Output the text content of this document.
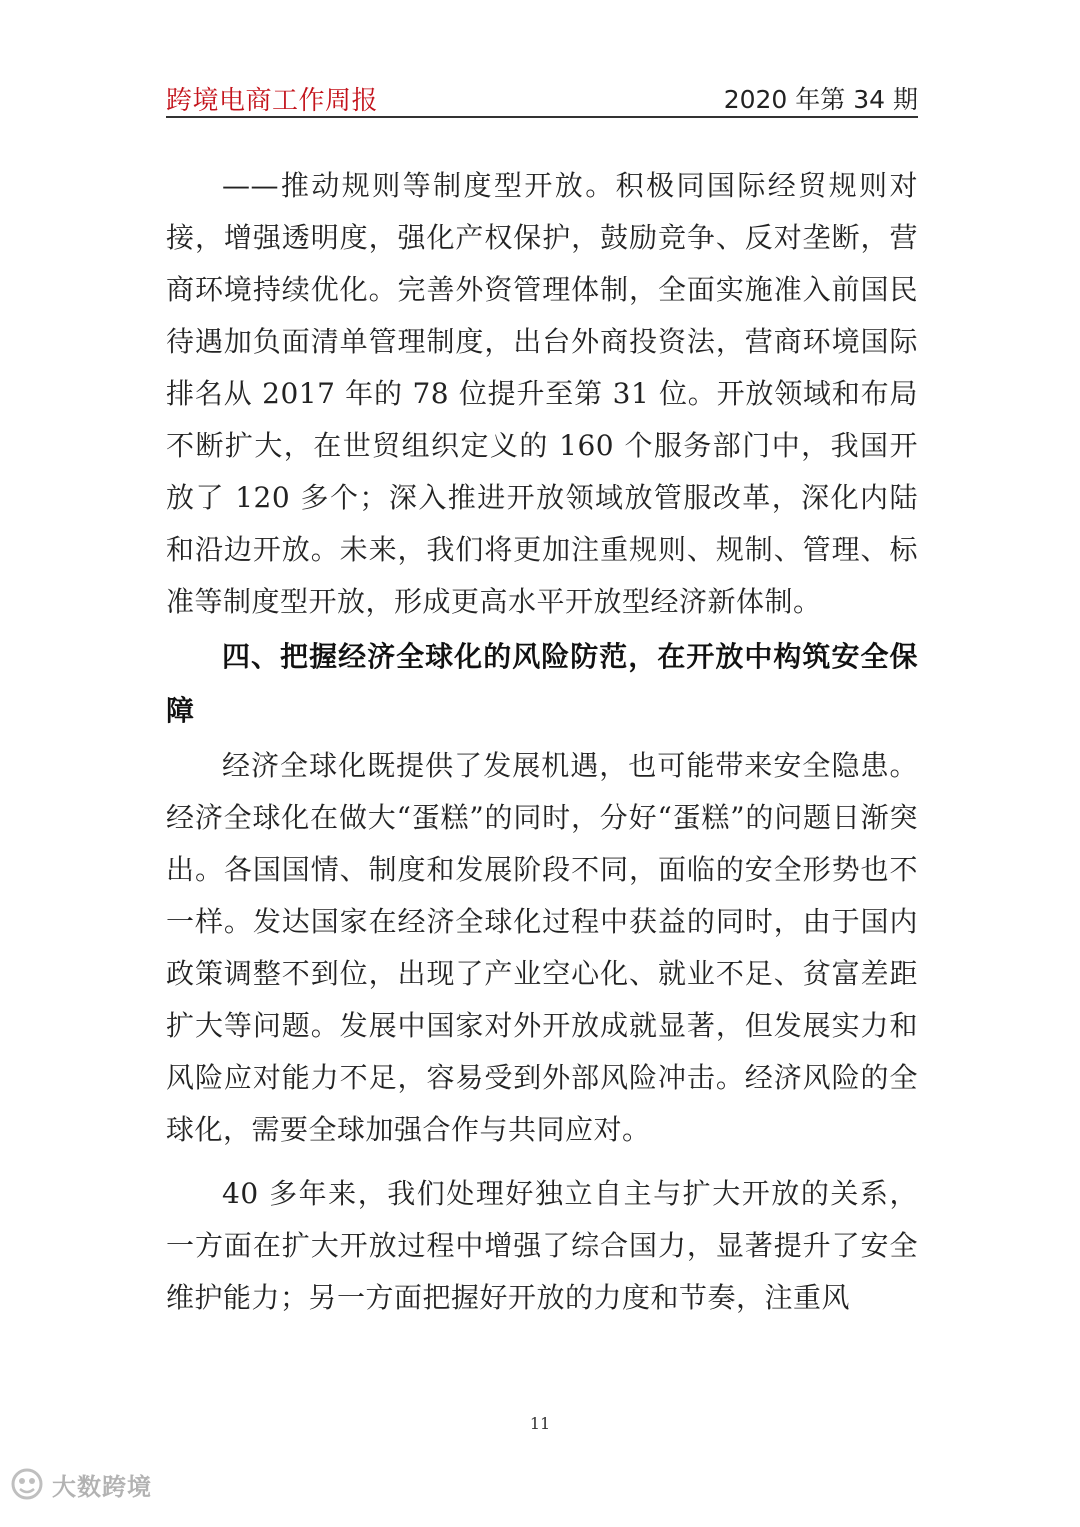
跨境电商工作周报	2020 年第 34 期

——推动规则等制度型开放。积极同国际经贸规则对接，增强透明度，强化产权保护，鼓励竞争、反对垄断，营商环境持续优化。完善外资管理体制，全面实施准入前国民待遇加负面清单管理制度，出台外商投资法，营商环境国际排名从 2017 年的 78 位提升至第 31 位。开放领域和布局不断扩大，在世贸组织定义的 160 个服务部门中，我国开放了 120 多个；深入推进开放领域放管服改革，深化内陆和沿边开放。未来，我们将更加注重规则、规制、管理、标准等制度型开放，形成更高水平开放型经济新体制。

四、把握经济全球化的风险防范，在开放中构筑安全保障

经济全球化既提供了发展机遇，也可能带来安全隐患。经济全球化在做大“蛋糕”的同时，分好“蛋糕”的问题日渐突出。各国国情、制度和发展阶段不同，面临的安全形势也不一样。发达国家在经济全球化过程中获益的同时，由于国内政策调整不到位，出现了产业空心化、就业不足、贫富差距扩大等问题。发展中国家对外开放成就显著，但发展实力和风险应对能力不足，容易受到外部风险冲击。经济风险的全球化，需要全球加强合作与共同应对。

40 多年来，我们处理好独立自主与扩大开放的关系，一方面在扩大开放过程中增强了综合国力，显著提升了安全维护能力；另一方面把握好开放的力度和节奏，注重风

11
大数跨境
